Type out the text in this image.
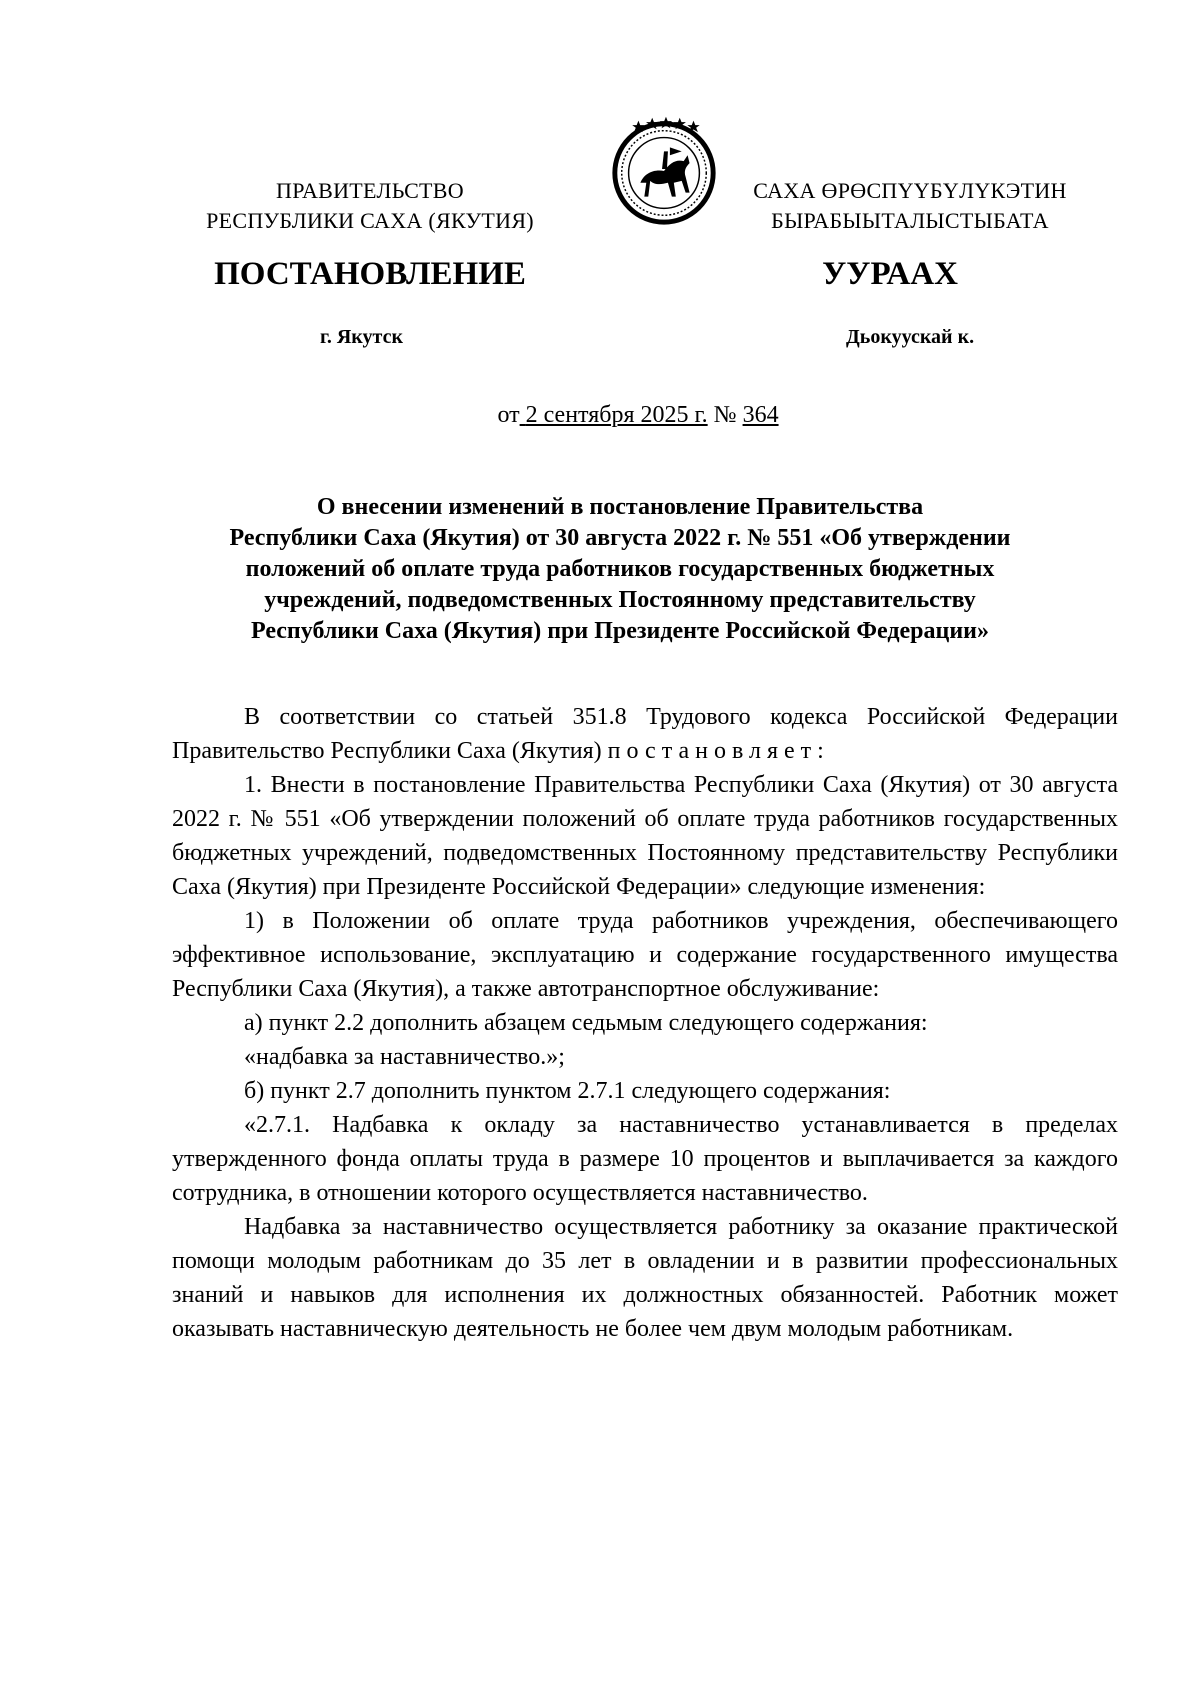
ПРАВИТЕЛЬСТВО
РЕСПУБЛИКИ САХА (ЯКУТИЯ)
САХА ӨРӨСПҮҮБҮЛҮКЭТИН
БЫРАБЫЫТАЛЫСТЫБАТА
ПОСТАНОВЛЕНИЕ	УУРААХ
г. Якутск	Дьокуускай к.
от 2 сентября 2025 г. № 364
О внесении изменений в постановление Правительства
Республики Саха (Якутия) от 30 августа 2022 г. № 551 «Об утверждении
положений об оплате труда работников государственных бюджетных
учреждений, подведомственных Постоянному представительству
Республики Саха (Якутия) при Президенте Российской Федерации»

В соответствии со статьей 351.8 Трудового кодекса Российской Федерации Правительство Республики Саха (Якутия) постановляет:

1. Внести в постановление Правительства Республики Саха (Якутия) от 30 августа 2022 г. № 551 «Об утверждении положений об оплате труда работников государственных бюджетных учреждений, подведомственных Постоянному представительству Республики Саха (Якутия) при Президенте Российской Федерации» следующие изменения:

1) в Положении об оплате труда работников учреждения, обеспечивающего эффективное использование, эксплуатацию и содержание государственного имущества Республики Саха (Якутия), а также автотранспортное обслуживание:

а) пункт 2.2 дополнить абзацем седьмым следующего содержания:

«надбавка за наставничество.»;

б) пункт 2.7 дополнить пунктом 2.7.1 следующего содержания:

«2.7.1. Надбавка к окладу за наставничество устанавливается в пределах утвержденного фонда оплаты труда в размере 10 процентов и выплачивается за каждого сотрудника, в отношении которого осуществляется наставничество.

Надбавка за наставничество осуществляется работнику за оказание практической помощи молодым работникам до 35 лет в овладении и в развитии профессиональных знаний и навыков для исполнения их должностных обязанностей. Работник может оказывать наставническую деятельность не более чем двум молодым работникам.
